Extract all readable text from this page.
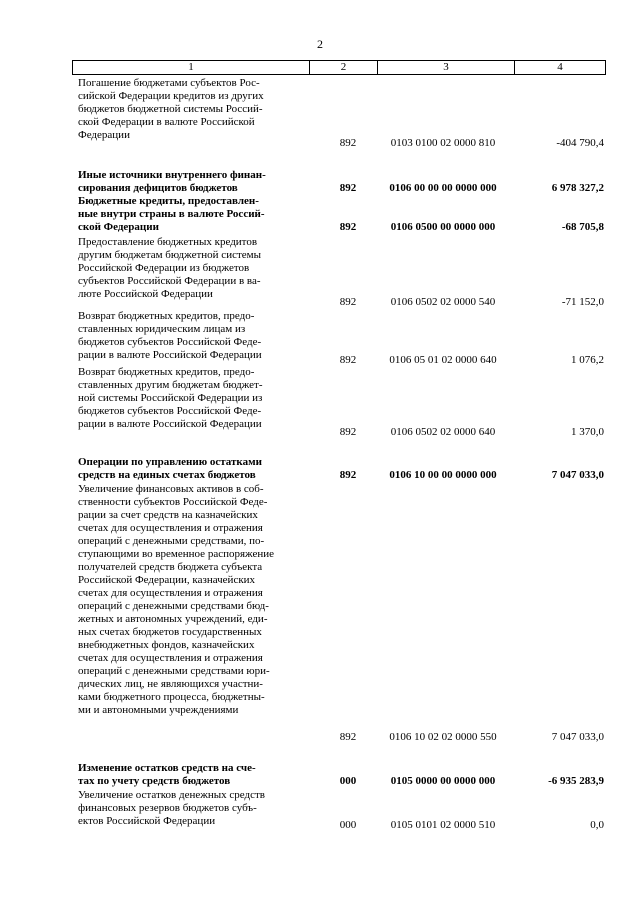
2
1	2	3	4
Погашение бюджетами субъектов Рос-
сийской Федерации кредитов из других
бюджетов бюджетной системы Россий-
ской Федерации в валюте Российской
Федерации
892	0103 0100 02 0000 810	-404 790,4
Иные источники внутреннего финан-
сирования дефицитов бюджетов	892	0106 00 00 00 0000 000	6 978 327,2
Бюджетные кредиты, предоставлен-
ные внутри страны в валюте Россий-
ской Федерации	892	0106 0500 00 0000 000	-68 705,8
Предоставление бюджетных кредитов
другим бюджетам бюджетной системы
Российской Федерации из бюджетов
субъектов Российской Федерации в ва-
люте Российской Федерации
892	0106 0502 02 0000 540	-71 152,0
Возврат бюджетных кредитов, предо-
ставленных юридическим лицам из
бюджетов субъектов Российской Феде-
рации в валюте Российской Федерации	892	0106 05 01 02 0000 640	1 076,2
Возврат бюджетных кредитов, предо-
ставленных другим бюджетам бюджет-
ной системы Российской Федерации из
бюджетов субъектов Российской Феде-
рации в валюте Российской Федерации
892	0106 0502 02 0000 640	1 370,0
Операции по управлению остатками
средств на единых счетах бюджетов	892	0106 10 00 00 0000 000	7 047 033,0
Увеличение финансовых активов в соб-
ственности субъектов Российской Феде-
рации за счет средств на казначейских
счетах для осуществления и отражения
операций с денежными средствами, по-
ступающими во временное распоряжение
получателей средств бюджета субъекта
Российской Федерации, казначейских
счетах для осуществления и отражения
операций с денежными средствами бюд-
жетных и автономных учреждений, еди-
ных счетах бюджетов государственных
внебюджетных фондов, казначейских
счетах для осуществления и отражения
операций с денежными средствами юри-
дических лиц, не являющихся участни-
ками бюджетного процесса, бюджетны-
ми и автономными учреждениями
892	0106 10 02 02 0000 550	7 047 033,0
Изменение остатков средств на сче-
тах по учету средств бюджетов	000	0105 0000 00 0000 000	-6 935 283,9
Увеличение остатков денежных средств
финансовых резервов бюджетов субъ-
ектов Российской Федерации	000	0105 0101 02 0000 510	0,0
